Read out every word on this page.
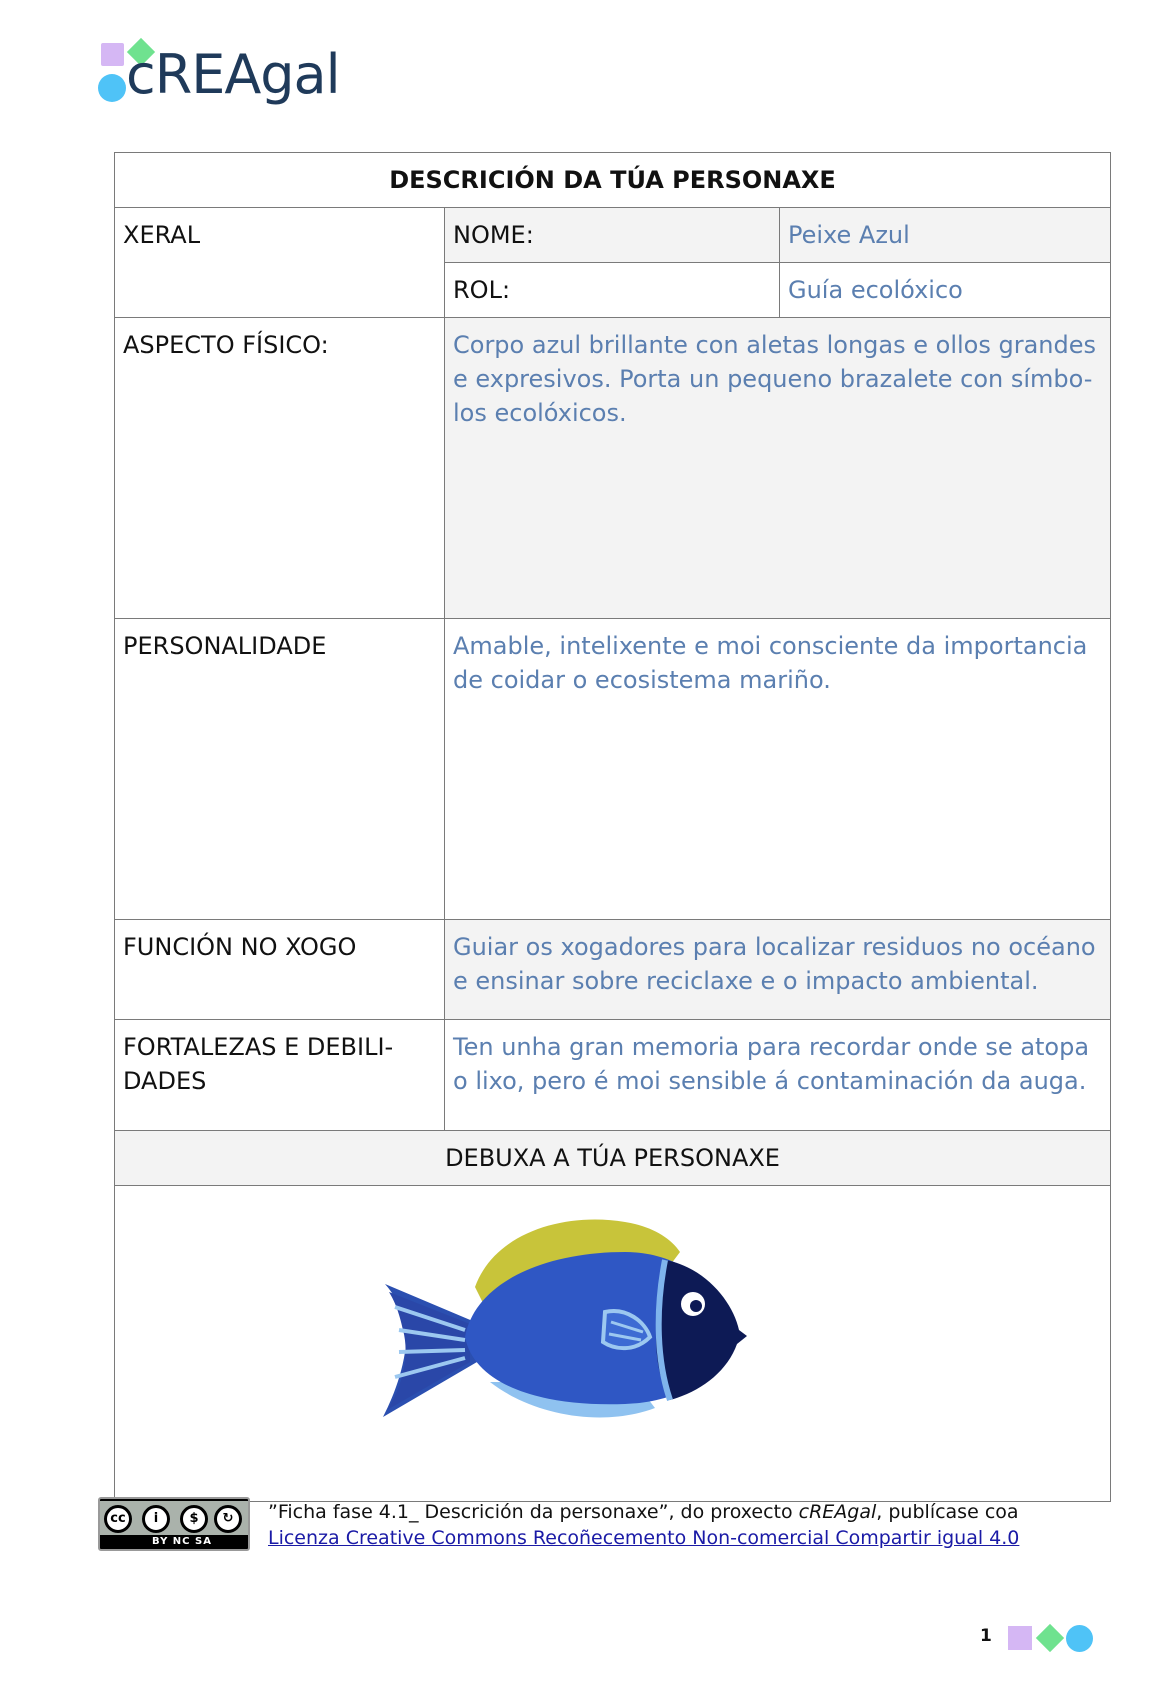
cREAgal
DESCRICIÓN DA TÚA PERSONAXE		
XERAL	NOME:	Peixe Azul
	ROL:	Guía ecolóxico
ASPECTO FÍSICO:	Corpo azul brillante con aletas longas e ollos grandes e expresivos. Porta un pequeno brazalete con símbo-los ecolóxicos.	
PERSONALIDADE	Amable, intelixente e moi consciente da importancia de coidar o ecosistema mariño.	
FUNCIÓN NO XOGO	Guiar os xogadores para localizar residuos no océano e ensinar sobre reciclaxe e o impacto ambiental.	
FORTALEZAS E DEBILI-DADES	Ten unha gran memoria para recordar onde se atopa o lixo, pero é moi sensible á contaminación da auga.	
DEBUXA A TÚA PERSONAXE		

cc	i	$	↻
BY NC SA
”Ficha fase 4.1_ Descrición da personaxe”, do proxecto cREAgal, publícase coa Licenza Creative Commons Recoñecemento Non-comercial Compartir igual 4.0
1
